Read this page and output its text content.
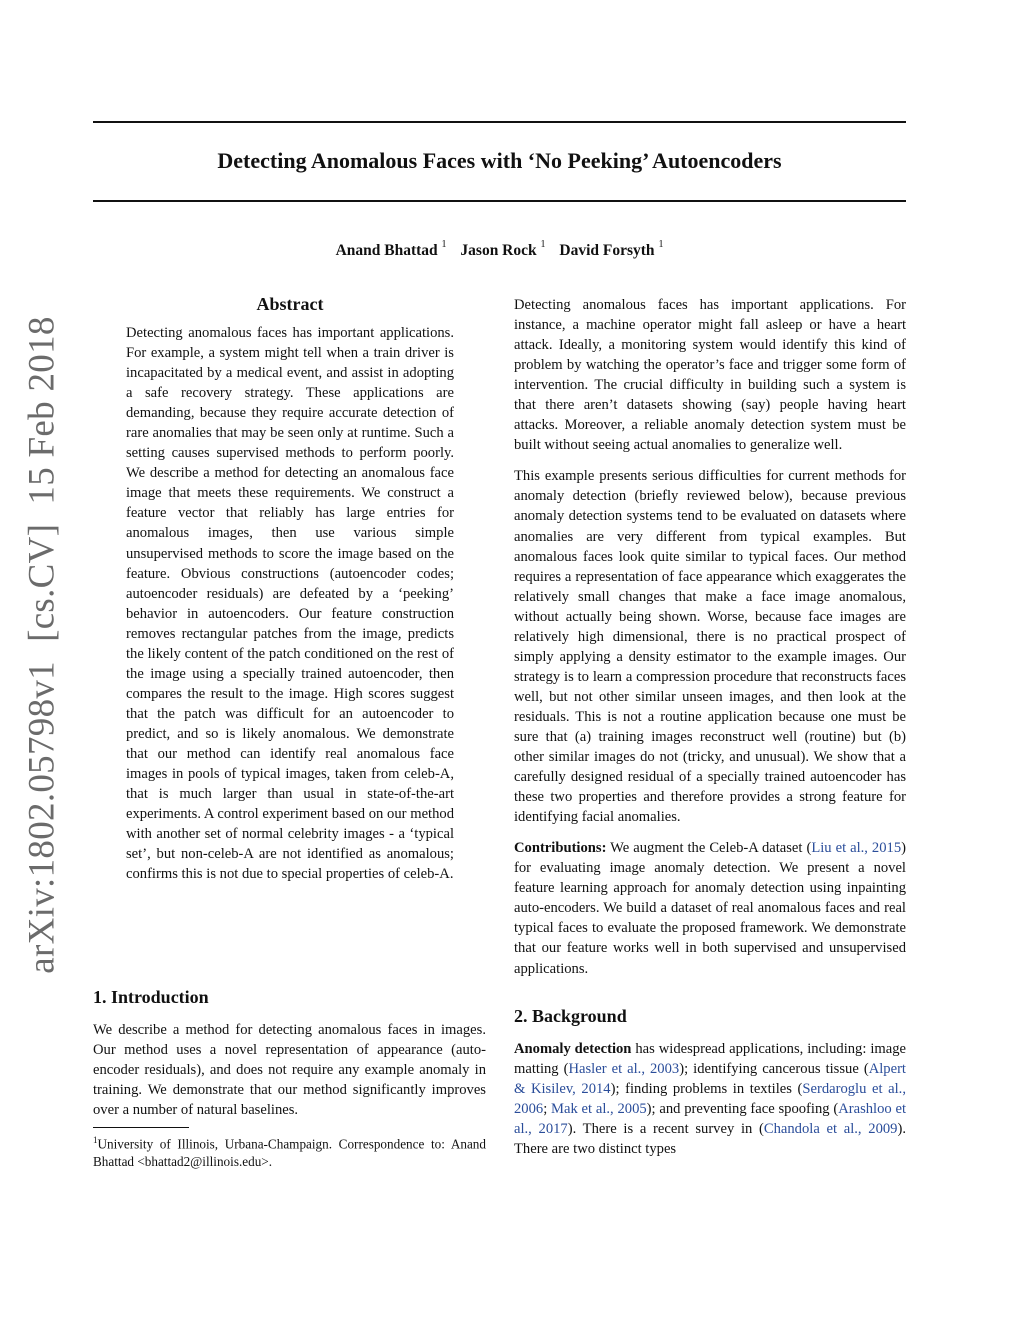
Detecting Anomalous Faces with ‘No Peeking’ Autoencoders
Anand Bhattad $^1$ Jason Rock $^1$ David Forsyth $^1$
arXiv:1802.05798v1  [cs.CV]  15 Feb 2018
Abstract

Detecting anomalous faces has important applications. For example, a system might tell when a train driver is incapacitated by a medical event, and assist in adopting a safe recovery strategy. These applications are demanding, because they require accurate detection of rare anomalies that may be seen only at runtime. Such a setting causes supervised methods to perform poorly. We describe a method for detecting an anomalous face image that meets these requirements. We construct a feature vector that reliably has large entries for anomalous images, then use various simple unsupervised methods to score the image based on the feature. Obvious constructions (autoencoder codes; autoencoder residuals) are defeated by a ‘peeking’ behavior in autoencoders. Our feature construction removes rectangular patches from the image, predicts the likely content of the patch conditioned on the rest of the image using a specially trained autoencoder, then compares the result to the image. High scores suggest that the patch was difficult for an autoencoder to predict, and so is likely anomalous. We demonstrate that our method can identify real anomalous face images in pools of typical images, taken from celeb-A, that is much larger than usual in state-of-the-art experiments. A control experiment based on our method with another set of normal celebrity images - a ‘typical set’, but non-celeb-A are not identified as anomalous; confirms this is not due to special properties of celeb-A.

1. Introduction

We describe a method for detecting anomalous faces in images. Our method uses a novel representation of appearance (auto-encoder residuals), and does not require any example anomaly in training. We demonstrate that our method significantly improves over a number of natural baselines.

$^1$University of Illinois, Urbana-Champaign. Correspondence to: Anand Bhattad <bhattad2@illinois.edu>.

Detecting anomalous faces has important applications. For instance, a machine operator might fall asleep or have a heart attack. Ideally, a monitoring system would identify this kind of problem by watching the operator’s face and trigger some form of intervention. The crucial difficulty in building such a system is that there aren’t datasets showing (say) people having heart attacks. Moreover, a reliable anomaly detection system must be built without seeing actual anomalies to generalize well.

This example presents serious difficulties for current methods for anomaly detection (briefly reviewed below), because previous anomaly detection systems tend to be evaluated on datasets where anomalies are very different from typical examples. But anomalous faces look quite similar to typical faces. Our method requires a representation of face appearance which exaggerates the relatively small changes that make a face image anomalous, without actually being shown. Worse, because face images are relatively high dimensional, there is no practical prospect of simply applying a density estimator to the example images. Our strategy is to learn a compression procedure that reconstructs faces well, but not other similar unseen images, and then look at the residuals. This is not a routine application because one must be sure that (a) training images reconstruct well (routine) but (b) other similar images do not (tricky, and unusual). We show that a carefully designed residual of a specially trained autoencoder has these two properties and therefore provides a strong feature for identifying facial anomalies.

Contributions: We augment the Celeb-A dataset (Liu et al., 2015) for evaluating image anomaly detection. We present a novel feature learning approach for anomaly detection using inpainting auto-encoders. We build a dataset of real anomalous faces and real typical faces to evaluate the proposed framework. We demonstrate that our feature works well in both supervised and unsupervised applications.

2. Background

Anomaly detection has widespread applications, including: image matting (Hasler et al., 2003); identifying cancerous tissue (Alpert & Kisilev, 2014); finding problems in textiles (Serdaroglu et al., 2006; Mak et al., 2005); and preventing face spoofing (Arashloo et al., 2017). There is a recent survey in (Chandola et al., 2009). There are two distinct types
